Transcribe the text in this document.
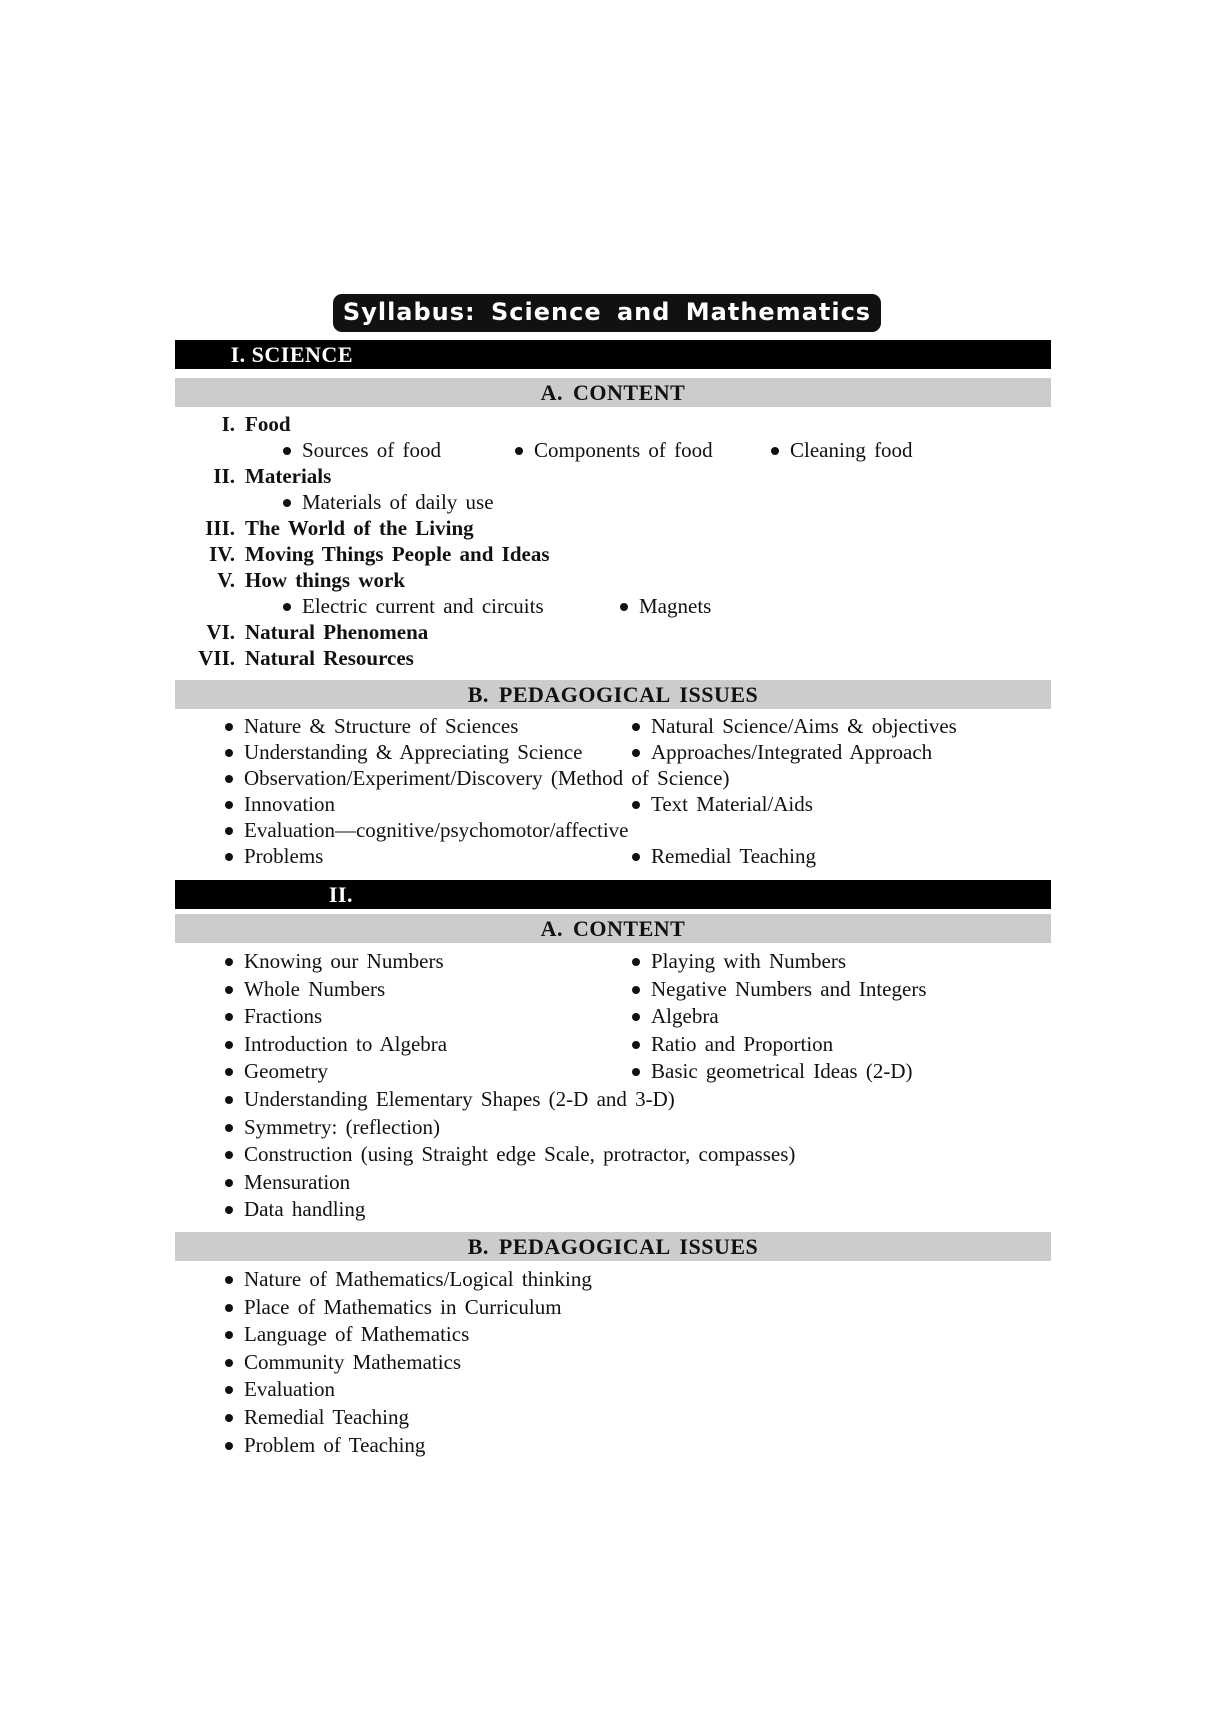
Syllabus: Science and Mathematics
I. SCIENCE
A. CONTENT
I. Food
Sources of food	Components of food	Cleaning food
II. Materials
Materials of daily use
III. The World of the Living
IV. Moving Things People and Ideas
V. How things work
Electric current and circuits	Magnets
VI. Natural Phenomena
VII. Natural Resources
B. PEDAGOGICAL ISSUES
Nature & Structure of Sciences	Natural Science/Aims & objectives
Understanding & Appreciating Science	Approaches/Integrated Approach
Observation/Experiment/Discovery (Method of Science)
Innovation	Text Material/Aids
Evaluation—cognitive/psychomotor/affective
Problems	Remedial Teaching
II.
A. CONTENT
Knowing our Numbers	Playing with Numbers
Whole Numbers	Negative Numbers and Integers
Fractions	Algebra
Introduction to Algebra	Ratio and Proportion
Geometry	Basic geometrical Ideas (2-D)
Understanding Elementary Shapes (2-D and 3-D)
Symmetry: (reflection)
Construction (using Straight edge Scale, protractor, compasses)
Mensuration
Data handling
B. PEDAGOGICAL ISSUES
Nature of Mathematics/Logical thinking
Place of Mathematics in Curriculum
Language of Mathematics
Community Mathematics
Evaluation
Remedial Teaching
Problem of Teaching
